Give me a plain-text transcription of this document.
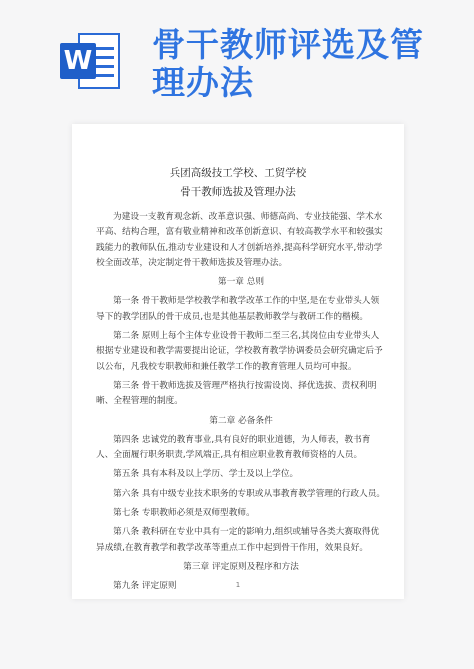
W 骨干教师评选及管理办法

兵团高级技工学校、工贸学校

骨干教师选拔及管理办法

为建设一支教育观念新、改革意识强、师德高尚、专业技能强、学术水平高、结构合理，富有敬业精神和改革创新意识、有较高教学水平和较强实践能力的教师队伍,推动专业建设和人才创新培养,提高科学研究水平,带动学校全面改革，决定制定骨干教师选拔及管理办法。

第一章 总则

第一条 骨干教师是学校教学和教学改革工作的中坚,是在专业带头人领导下的教学团队的骨干成员,也是其他基层教师教学与教研工作的楷模。

第二条 原则上每个主体专业设骨干教师二至三名,其岗位由专业带头人根据专业建设和教学需要提出论证，学校教育教学协调委员会研究确定后予以公布，凡我校专职教师和兼任教学工作的教育管理人员均可申报。

第三条 骨干教师选拔及管理严格执行按需设岗、择优选拔、责权利明晰、全程管理的制度。

第二章 必备条件

第四条 忠诚党的教育事业,具有良好的职业道德，为人师表，教书育人、全面履行职务职责,学风端正,具有相应职业教育教师资格的人员。

第五条 具有本科及以上学历、学士及以上学位。

第六条 具有中级专业技术职务的专职或从事教育教学管理的行政人员。

第七条 专职教师必须是双师型教师。

第八条 教科研在专业中具有一定的影响力,组织或辅导各类大赛取得优异成绩,在教育教学和教学改革等重点工作中起到骨干作用，效果良好。

第三章 评定原则及程序和方法

第九条 评定原则	1
